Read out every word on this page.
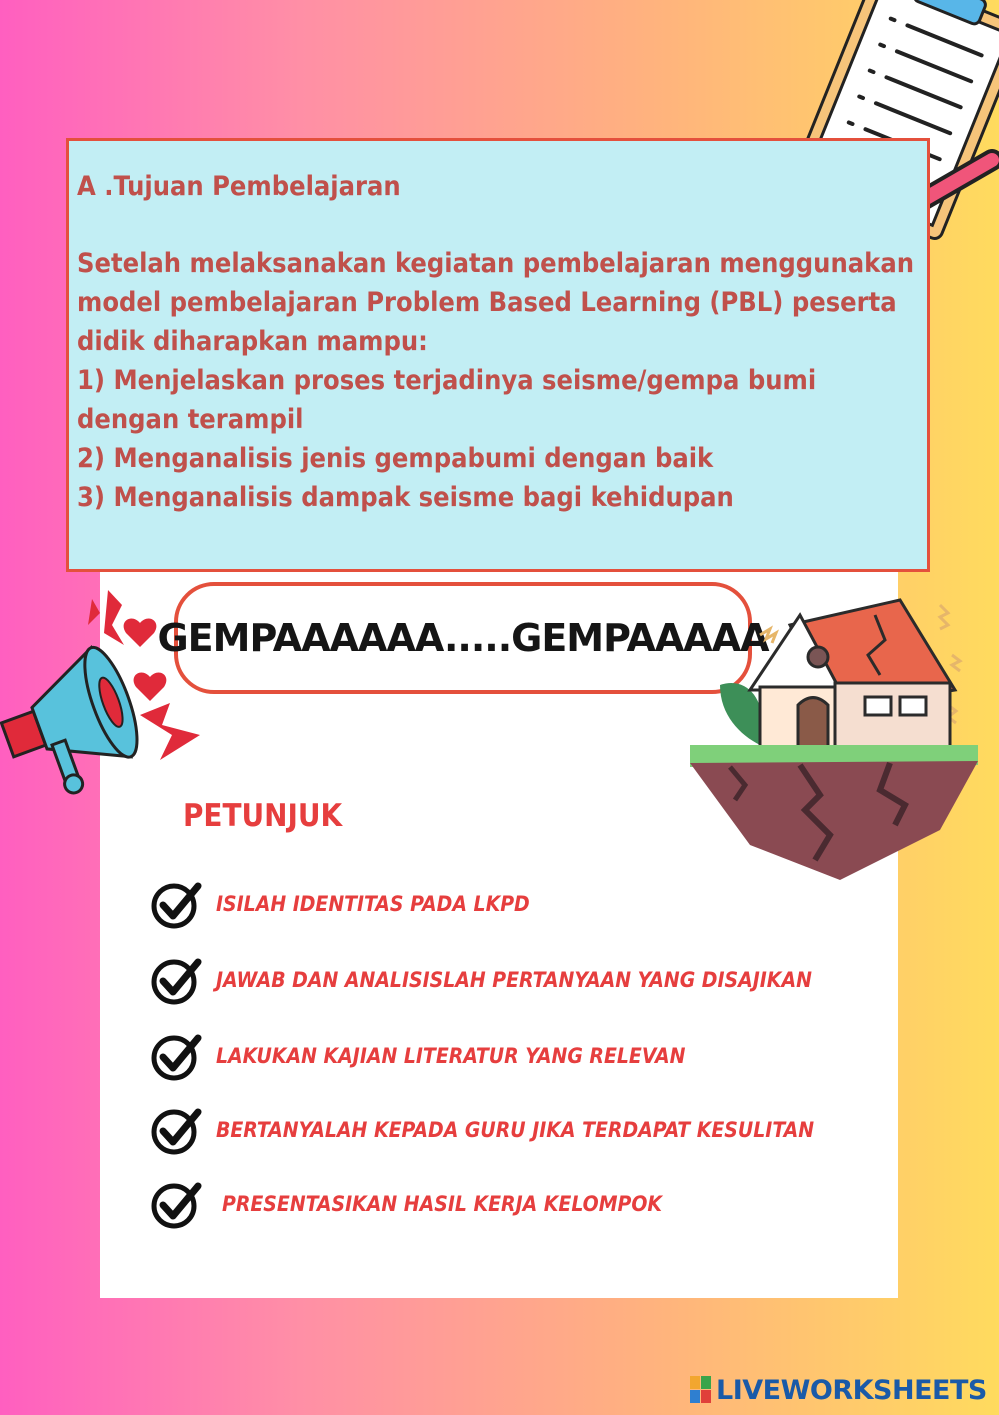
A .Tujuan Pembelajaran
Setelah melaksanakan kegiatan pembelajaran menggunakan
model pembelajaran Problem Based Learning (PBL) peserta
didik diharapkan mampu:
1) Menjelaskan proses terjadinya seisme/gempa bumi dengan terampil
2) Menganalisis jenis gempabumi dengan baik
3) Menganalisis dampak seisme bagi kehidupan
GEMPAAAAAA.....GEMPAAAAA
PETUNJUK
ISILAH IDENTITAS PADA LKPD
JAWAB DAN ANALISISLAH PERTANYAAN YANG DISAJIKAN
LAKUKAN KAJIAN LITERATUR YANG RELEVAN
BERTANYALAH KEPADA GURU JIKA TERDAPAT KESULITAN
PRESENTASIKAN HASIL KERJA KELOMPOK
LIVEWORKSHEETS
